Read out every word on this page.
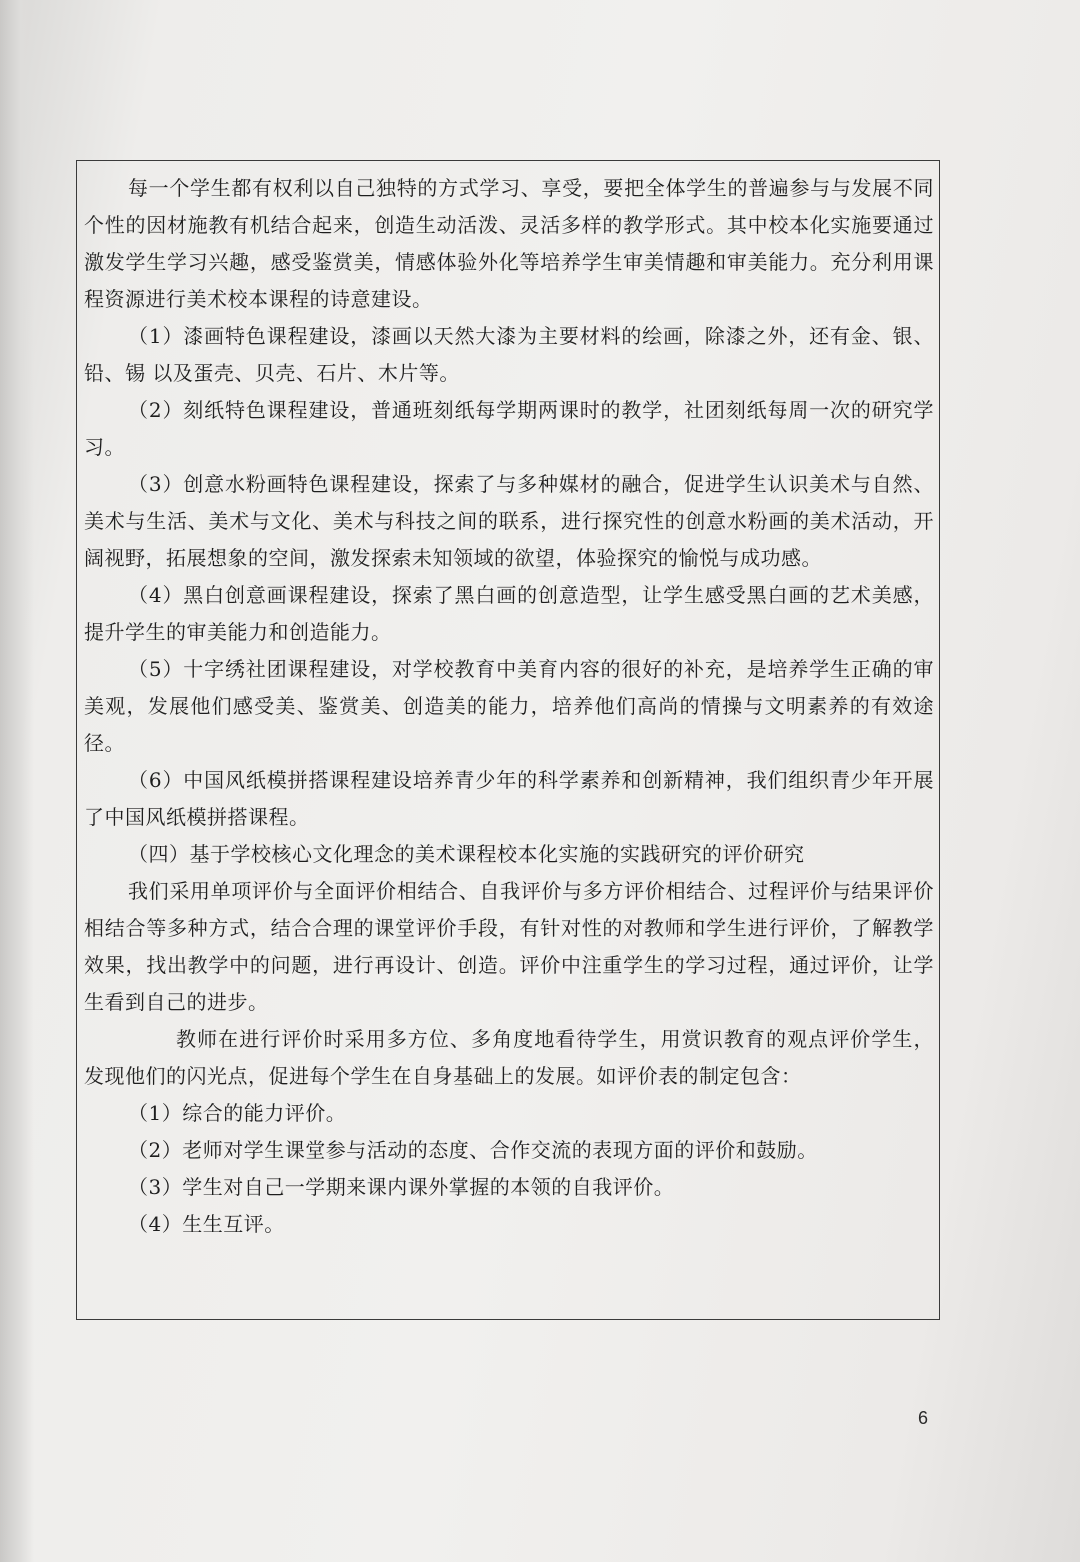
每一个学生都有权利以自己独特的方式学习、享受，要把全体学生的普遍参与与发展不同个性的因材施教有机结合起来，创造生动活泼、灵活多样的教学形式。其中校本化实施要通过激发学生学习兴趣，感受鉴赏美，情感体验外化等培养学生审美情趣和审美能力。充分利用课程资源进行美术校本课程的诗意建设。

（1）漆画特色课程建设，漆画以天然大漆为主要材料的绘画，除漆之外，还有金、银、铅、锡 以及蛋壳、贝壳、石片、木片等。

（2）刻纸特色课程建设，普通班刻纸每学期两课时的教学，社团刻纸每周一次的研究学习。

（3）创意水粉画特色课程建设，探索了与多种媒材的融合，促进学生认识美术与自然、美术与生活、美术与文化、美术与科技之间的联系，进行探究性的创意水粉画的美术活动，开阔视野，拓展想象的空间，激发探索未知领域的欲望，体验探究的愉悦与成功感。

（4）黑白创意画课程建设，探索了黑白画的创意造型，让学生感受黑白画的艺术美感，提升学生的审美能力和创造能力。

（5）十字绣社团课程建设，对学校教育中美育内容的很好的补充，是培养学生正确的审美观，发展他们感受美、鉴赏美、创造美的能力，培养他们高尚的情操与文明素养的有效途径。

（6）中国风纸模拼搭课程建设培养青少年的科学素养和创新精神，我们组织青少年开展了中国风纸模拼搭课程。

（四）基于学校核心文化理念的美术课程校本化实施的实践研究的评价研究

我们采用单项评价与全面评价相结合、自我评价与多方评价相结合、过程评价与结果评价相结合等多种方式，结合合理的课堂评价手段，有针对性的对教师和学生进行评价，了解教学效果，找出教学中的问题，进行再设计、创造。评价中注重学生的学习过程，通过评价，让学生看到自己的进步。

教师在进行评价时采用多方位、多角度地看待学生，用赏识教育的观点评价学生，发现他们的闪光点，促进每个学生在自身基础上的发展。如评价表的制定包含：

（1）综合的能力评价。

（2）老师对学生课堂参与活动的态度、合作交流的表现方面的评价和鼓励。

（3）学生对自己一学期来课内课外掌握的本领的自我评价。

（4）生生互评。

6
